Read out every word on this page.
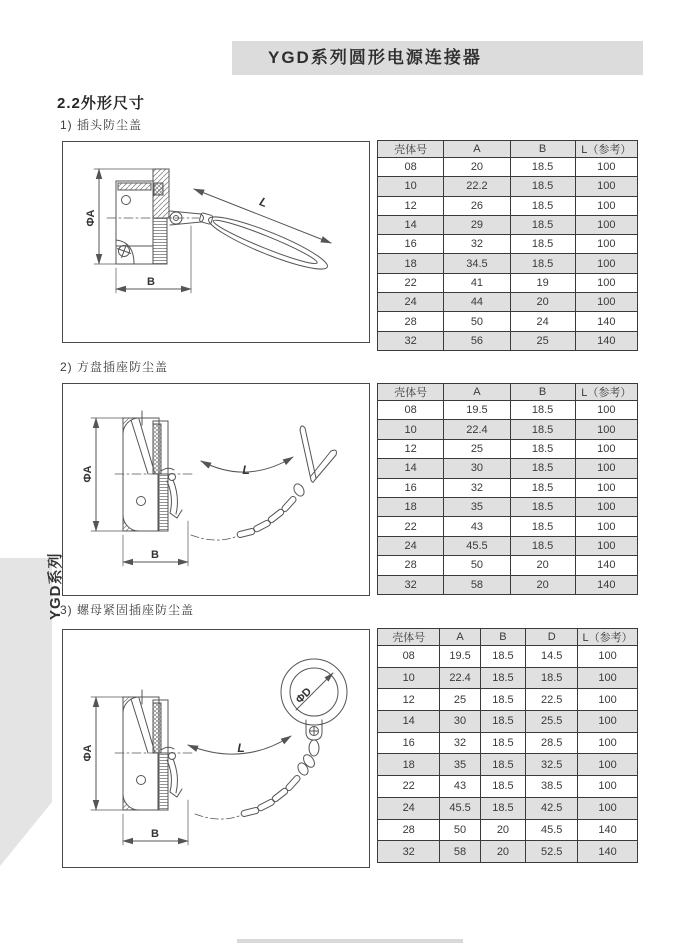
YGD系列圆形电源连接器
2.2外形尺寸
1) 插头防尘盖
ΦA
B
L
壳体号	A	B	L（参考）
08	20	18.5	100
10	22.2	18.5	100
12	26	18.5	100
14	29	18.5	100
16	32	18.5	100
18	34.5	18.5	100
22	41	19	100
24	44	20	100
28	50	24	140
32	56	25	140
2) 方盘插座防尘盖
ΦA
B
L
壳体号	A	B	L（参考）
08	19.5	18.5	100
10	22.4	18.5	100
12	25	18.5	100
14	30	18.5	100
16	32	18.5	100
18	35	18.5	100
22	43	18.5	100
24	45.5	18.5	100
28	50	20	140
32	58	20	140
3) 螺母紧固插座防尘盖
ΦA
B
L
ΦD
壳体号	A	B	D	L（参考）
08	19.5	18.5	14.5	100
10	22.4	18.5	18.5	100
12	25	18.5	22.5	100
14	30	18.5	25.5	100
16	32	18.5	28.5	100
18	35	18.5	32.5	100
22	43	18.5	38.5	100
24	45.5	18.5	42.5	100
28	50	20	45.5	140
32	58	20	52.5	140
YGD系列
